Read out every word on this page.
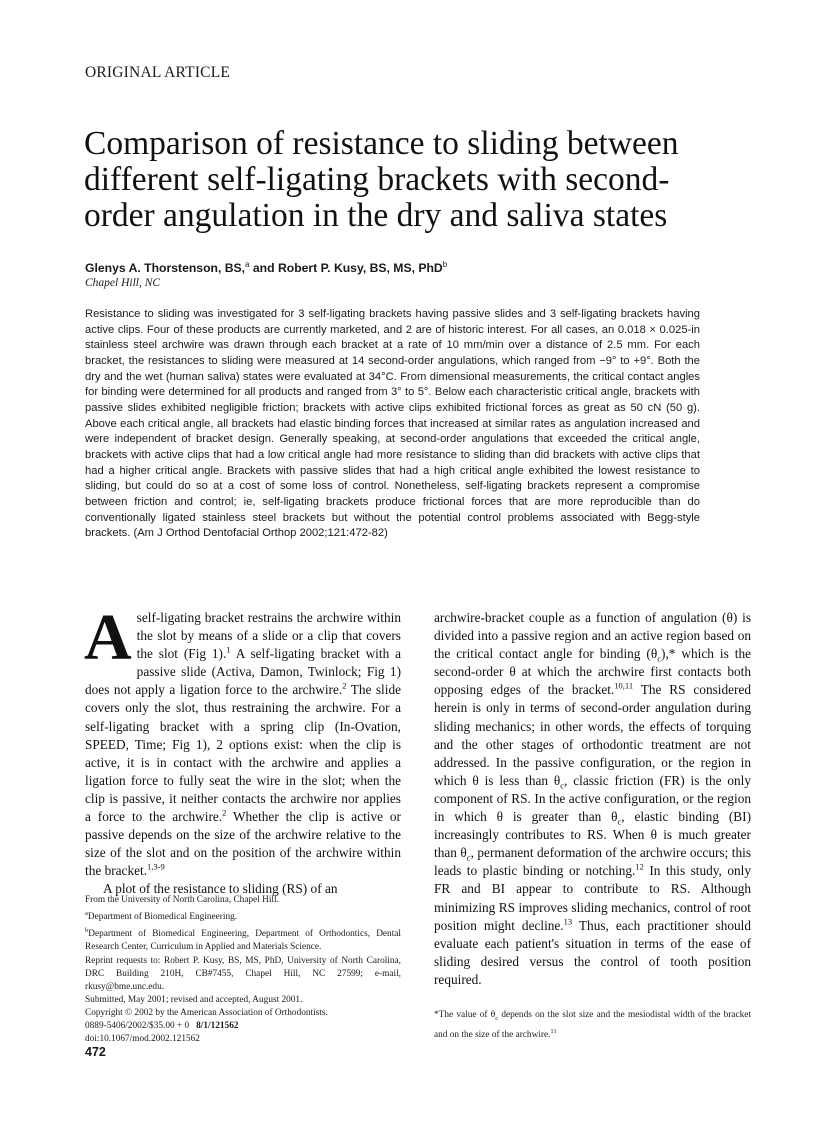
ORIGINAL ARTICLE
Comparison of resistance to sliding between
different self-ligating brackets with second-
order angulation in the dry and saliva states
Glenys A. Thorstenson, BS,$^a$ and Robert P. Kusy, BS, MS, PhD$^b$
Chapel Hill, NC

Resistance to sliding was investigated for 3 self-ligating brackets having passive slides and 3 self-ligating brackets having active clips. Four of these products are currently marketed, and 2 are of historic interest. For all cases, an 0.018 × 0.025-in stainless steel archwire was drawn through each bracket at a rate of 10 mm/min over a distance of 2.5 mm. For each bracket, the resistances to sliding were measured at 14 second-order angulations, which ranged from −9° to +9°. Both the dry and the wet (human saliva) states were evaluated at 34°C. From dimensional measurements, the critical contact angles for binding were determined for all products and ranged from 3° to 5°. Below each characteristic critical angle, brackets with passive slides exhibited negligible friction; brackets with active clips exhibited frictional forces as great as 50 cN (50 g). Above each critical angle, all brackets had elastic binding forces that increased at similar rates as angulation increased and were independent of bracket design. Generally speaking, at second-order angulations that exceeded the critical angle, brackets with active clips that had a low critical angle had more resistance to sliding than did brackets with active clips that had a higher critical angle. Brackets with passive slides that had a high critical angle exhibited the lowest resistance to sliding, but could do so at a cost of some loss of control. Nonetheless, self-ligating brackets represent a compromise between friction and control; ie, self-ligating brackets produce frictional forces that are more reproducible than do conventionally ligated stainless steel brackets but without the potential control problems associated with Begg-style brackets. (Am J Orthod Dentofacial Orthop 2002;121:472-82)

A self-ligating bracket restrains the archwire within the slot by means of a slide or a clip that covers the slot (Fig 1).$^1$ A self-ligating bracket with a passive slide (Activa, Damon, Twinlock; Fig 1) does not apply a ligation force to the archwire.$^2$ The slide covers only the slot, thus restraining the archwire. For a self-ligating bracket with a spring clip (In-Ovation, SPEED, Time; Fig 1), 2 options exist: when the clip is active, it is in contact with the archwire and applies a ligation force to fully seat the wire in the slot; when the clip is passive, it neither contacts the archwire nor applies a force to the archwire.$^2$ Whether the clip is active or passive depends on the size of the archwire relative to the size of the slot and on the position of the archwire within the bracket.$^{1,3-9}$

A plot of the resistance to sliding (RS) of an

archwire-bracket couple as a function of angulation (θ) is divided into a passive region and an active region based on the critical contact angle for binding $(\theta_c),*$ which is the second-order θ at which the archwire first contacts both opposing edges of the bracket.$^{10,11}$ The RS considered herein is only in terms of second-order angulation during sliding mechanics; in other words, the effects of torquing and the other stages of orthodontic treatment are not addressed. In the passive configuration, or the region in which θ is less than $\theta_c$, classic friction (FR) is the only component of RS. In the active configuration, or the region in which θ is greater than $\theta_c$, elastic binding (BI) increasingly contributes to RS. When θ is much greater than $\theta_c$, permanent deformation of the archwire occurs; this leads to plastic binding or notching.$^{12}$ In this study, only FR and BI appear to contribute to RS. Although minimizing RS improves sliding mechanics, control of root position might decline.$^{13}$ Thus, each practitioner should evaluate each patient's situation in terms of the ease of sliding desired versus the control of tooth position required.

From the University of North Carolina, Chapel Hill.
$^a$Department of Biomedical Engineering.
$^b$Department of Biomedical Engineering, Department of Orthodontics, Dental Research Center, Curriculum in Applied and Materials Science.
Reprint requests to: Robert P. Kusy, BS, MS, PhD, University of North Carolina, DRC Building 210H, CB#7455, Chapel Hill, NC 27599; e-mail, rkusy@bme.unc.edu.
Submitted, May 2001; revised and accepted, August 2001.
Copyright © 2002 by the American Association of Orthodontists.
0889-5406/2002/$35.00 + 0 8/1/121562
doi:10.1067/mod.2002.121562
*The value of $\theta_c$ depends on the slot size and the mesiodistal width of the bracket and on the size of the archwire.$^{11}$
472
